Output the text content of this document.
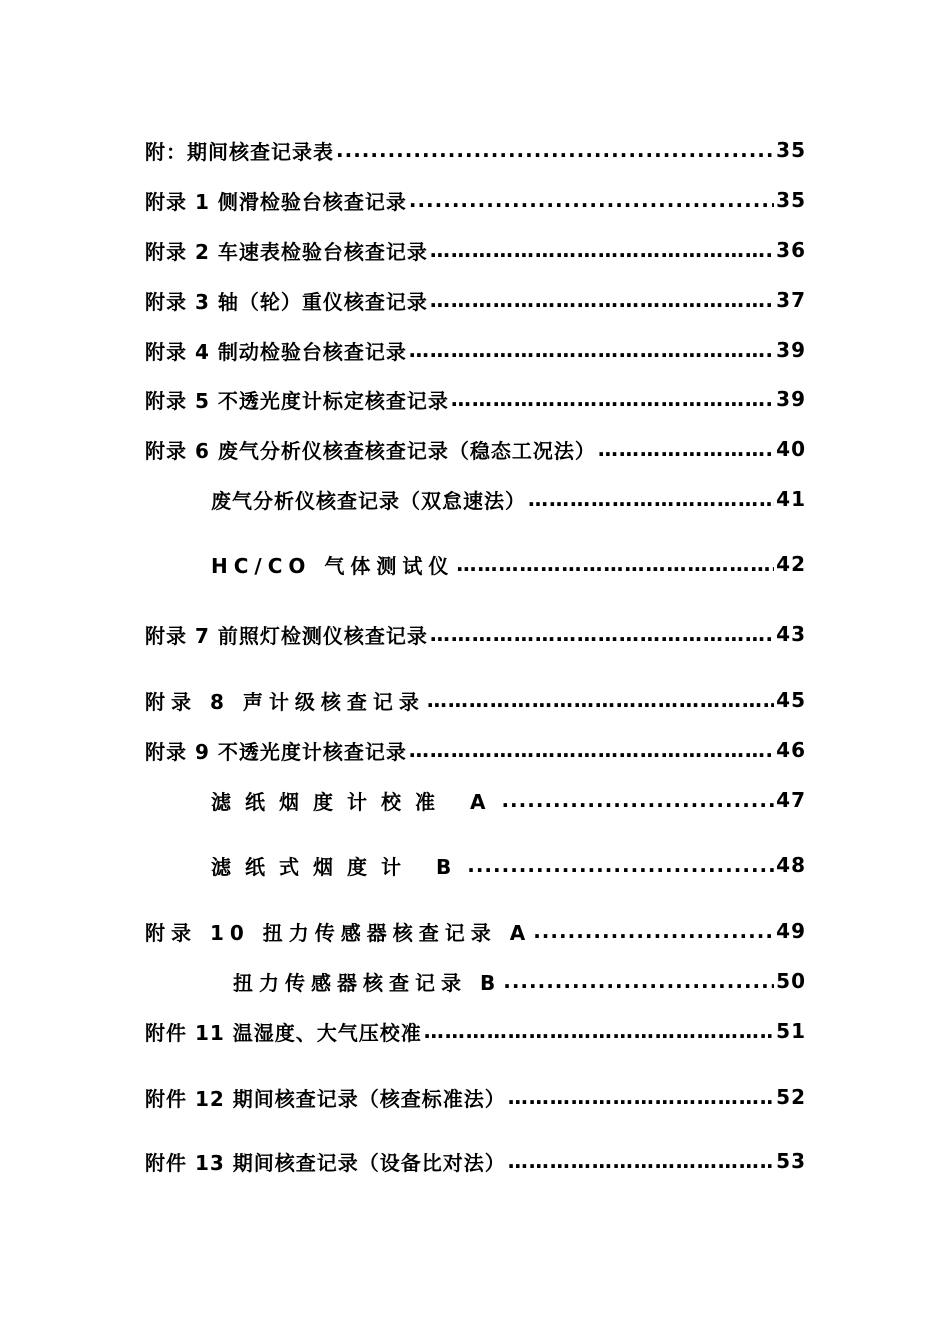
附：期间核查记录表 .....	35
附录 1 侧滑检验台核查记录 .....	35
附录 2 车速表检验台核查记录 …………………………………………………………………………………………………………………………………………………………………………………………	36
附录 3 轴（轮）重仪核查记录 …………………………………………………………………………………………………………………………………………………………………………………………	37
附录 4 制动检验台核查记录 …………………………………………………………………………………………………………………………………………………………………………………………	39
附录 5 不透光度计标定核查记录 …………………………………………………………………………………………………………………………………………………………………………………………	39
附录 6 废气分析仪核查核查记录（稳态工况法） …………………………………………………………………………………………………………………………………………………………………………………………	40
废气分析仪核查记录（双怠速法） …………………………………………………………………………………………………………………………………………………………………………………………	41
HC/CO 气体测试仪 …………………………………………………………………………………………………………………………………………………………………………………………	42
附录 7 前照灯检测仪核查记录 …………………………………………………………………………………………………………………………………………………………………………………………	43
附录 8 声计级核查记录 …………………………………………………………………………………………………………………………………………………………………………………………	45
附录 9 不透光度计核查记录 …………………………………………………………………………………………………………………………………………………………………………………………	46
滤纸烟度计校准 A .....	47
滤纸式烟度计 B .....	48
附录 10 扭力传感器核查记录 A .....	49
扭力传感器核查记录 B .....	50
附件 11 温湿度、大气压校准 …………………………………………………………………………………………………………………………………………………………………………………………	51
附件 12 期间核查记录（核查标准法） …………………………………………………………………………………………………………………………………………………………………………………………	52
附件 13 期间核查记录（设备比对法） …………………………………………………………………………………………………………………………………………………………………………………………	53
